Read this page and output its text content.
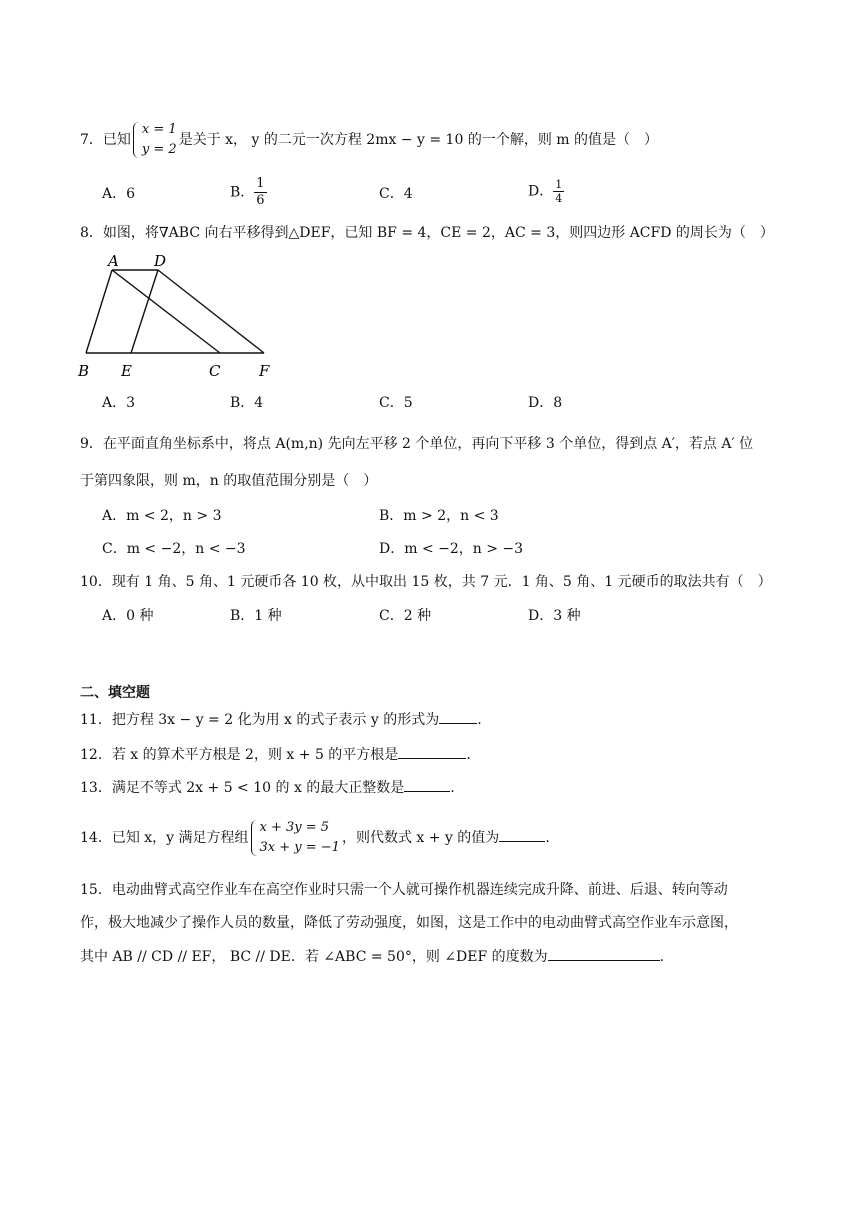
7．已知
x = 1
y = 2
是关于 x， y 的二元一次方程 2mx − y = 10 的一个解，则 m 的值是（　）
A．6	B． $\frac{1}{6}$	C．4	D． $\frac{1}{4}$
8．如图，将∇ABC 向右平移得到△DEF，已知 BF = 4，CE = 2，AC = 3，则四边形 ACFD 的周长为（　）
A D
B E	C	F
A．3	B．4	C．5	D．8
9．在平面直角坐标系中，将点 A(m,n) 先向左平移 2 个单位，再向下平移 3 个单位，得到点 A′，若点 A′ 位
于第四象限，则 m，n 的取值范围分别是（　）
A．m < 2，n > 3	B．m > 2，n < 3
C．m < −2，n < −3	D．m < −2，n > −3
10．现有 1 角、5 角、1 元硬币各 10 枚，从中取出 15 枚，共 7 元．1 角、5 角、1 元硬币的取法共有（　）
A．0 种	B．1 种	C．2 种	D．3 种
二、填空题
11．把方程 3x − y = 2 化为用 x 的式子表示 y 的形式为	.
12．若 x 的算术平方根是 2，则 x + 5 的平方根是	.
13．满足不等式 2x + 5 < 10 的 x 的最大正整数是	.
14．已知 x，y 满足方程组
x + 3y = 5
3x + y = −1
，则代数式 x + y 的值为	.
15．电动曲臂式高空作业车在高空作业时只需一个人就可操作机器连续完成升降、前进、后退、转向等动
作，极大地减少了操作人员的数量，降低了劳动强度，如图，这是工作中的电动曲臂式高空作业车示意图，
其中 AB // CD // EF， BC // DE．若 ∠ABC = 50°，则 ∠DEF 的度数为	.
